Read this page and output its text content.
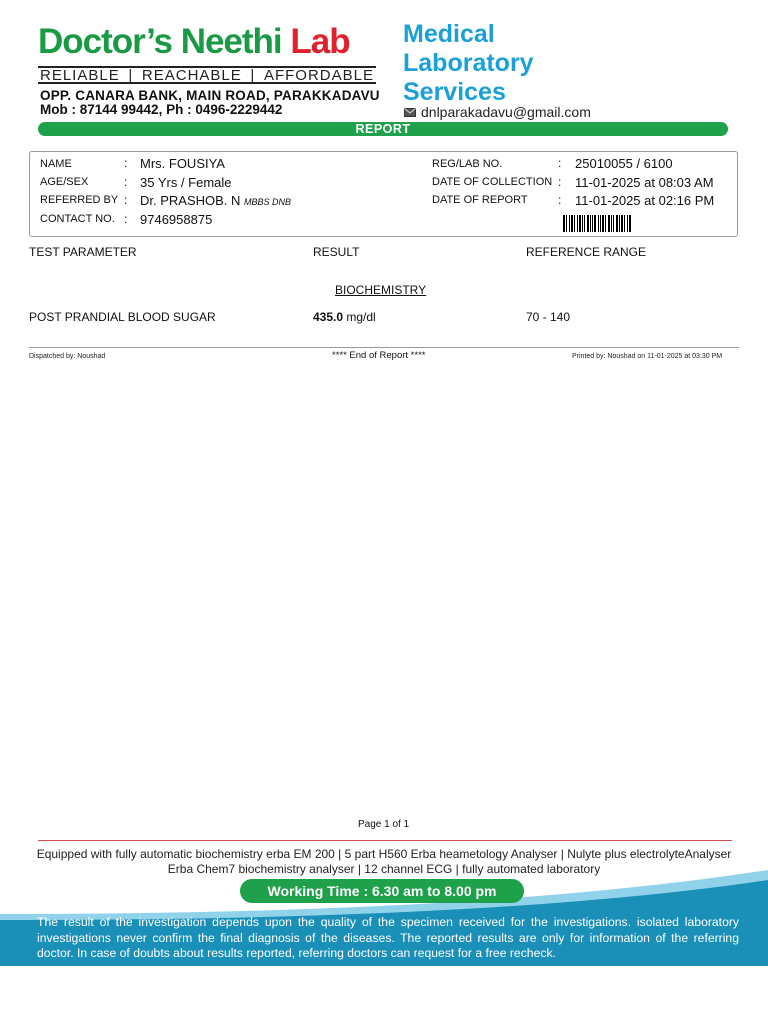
Doctor’s Neethi Lab
RELIABLE | REACHABLE | AFFORDABLE
OPP. CANARA BANK, MAIN ROAD, PARAKKADAVU
Mob : 87144 99442, Ph : 0496-2229442
Medical
Laboratory
Services
dnlparakadavu@gmail.com
REPORT
NAME	: Mrs. FOUSIYA
AGE/SEX	: 35 Yrs / Female
REFERRED BY : Dr. PRASHOB. N MBBS DNB
CONTACT NO. : 9746958875
REG/LAB NO.	: 25010055 / 6100
DATE OF COLLECTION : 11-01-2025 at 08:03 AM
DATE OF REPORT	: 11-01-2025 at 02:16 PM
TEST PARAMETER	RESULT	REFERENCE RANGE
BIOCHEMISTRY
POST PRANDIAL BLOOD SUGAR	435.0 mg/dl	70 - 140
Dispatched by: Noushad	**** End of Report ****	Printed by: Noushad on 11-01-2025 at 03:30 PM
Page 1 of 1
Equipped with fully automatic biochemistry erba EM 200 | 5 part H560 Erba heametology Analyser | Nulyte plus electrolyteAnalyser
Erba Chem7 biochemistry analyser | 12 channel ECG | fully automated laboratory
Working Time : 6.30 am to 8.00 pm
The result of the investigation depends upon the quality of the specimen received for the investigations. isolated laboratory investigations never confirm the final diagnosis of the diseases. The reported results are only for information of the referring doctor. In case of doubts about results reported, referring doctors can request for a free recheck.
